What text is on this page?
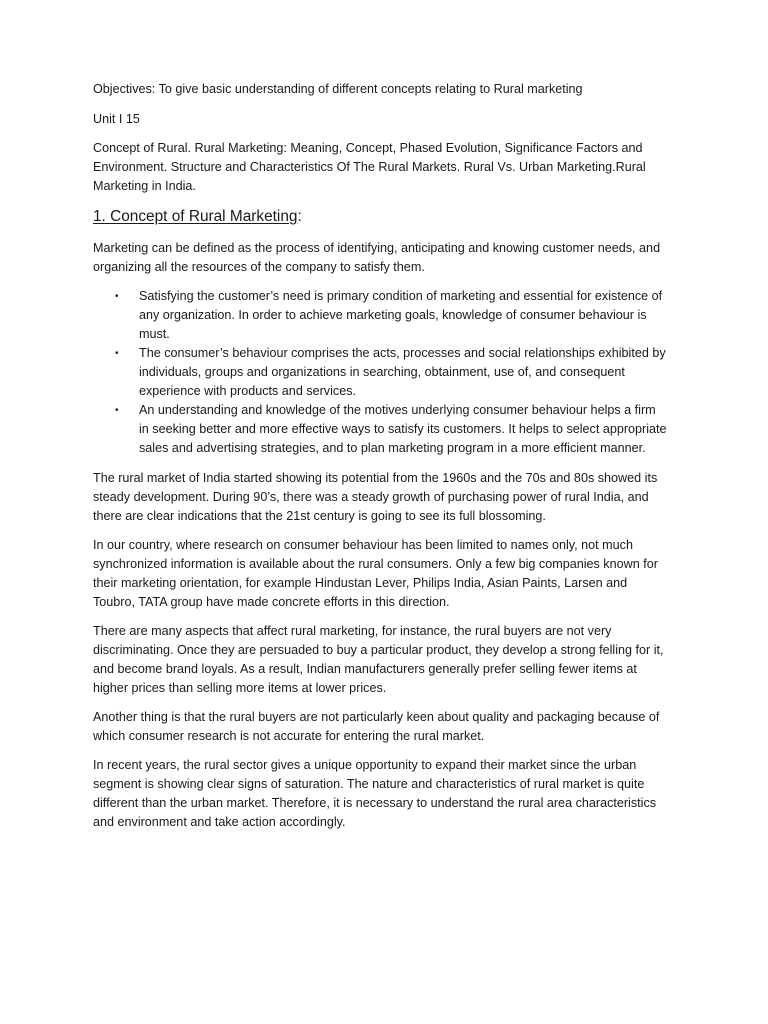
Objectives: To give basic understanding of different concepts relating to Rural marketing

Unit I 15

Concept of Rural. Rural Marketing: Meaning, Concept, Phased Evolution, Significance Factors and Environment. Structure and Characteristics Of The Rural Markets. Rural Vs. Urban Marketing.Rural Marketing in India.

1. Concept of Rural Marketing:

Marketing can be defined as the process of identifying, anticipating and knowing customer needs, and organizing all the resources of the company to satisfy them.

• Satisfying the customer’s need is primary condition of marketing and essential for existence of any organization. In order to achieve marketing goals, knowledge of consumer behaviour is must.
• The consumer’s behaviour comprises the acts, processes and social relationships exhibited by individuals, groups and organizations in searching, obtainment, use of, and consequent experience with products and services.
• An understanding and knowledge of the motives underlying consumer behaviour helps a firm in seeking better and more effective ways to satisfy its customers. It helps to select appropriate sales and advertising strategies, and to plan marketing program in a more efficient manner.

The rural market of India started showing its potential from the 1960s and the 70s and 80s showed its steady development. During 90’s, there was a steady growth of purchasing power of rural India, and there are clear indications that the 21st century is going to see its full blossoming.

In our country, where research on consumer behaviour has been limited to names only, not much synchronized information is available about the rural consumers. Only a few big companies known for their marketing orientation, for example Hindustan Lever, Philips India, Asian Paints, Larsen and Toubro, TATA group have made concrete efforts in this direction.

There are many aspects that affect rural marketing, for instance, the rural buyers are not very discriminating. Once they are persuaded to buy a particular product, they develop a strong felling for it, and become brand loyals. As a result, Indian manufacturers generally prefer selling fewer items at higher prices than selling more items at lower prices.

Another thing is that the rural buyers are not particularly keen about quality and packaging because of which consumer research is not accurate for entering the rural market.

In recent years, the rural sector gives a unique opportunity to expand their market since the urban segment is showing clear signs of saturation. The nature and characteristics of rural market is quite different than the urban market. Therefore, it is necessary to understand the rural area characteristics and environment and take action accordingly.
